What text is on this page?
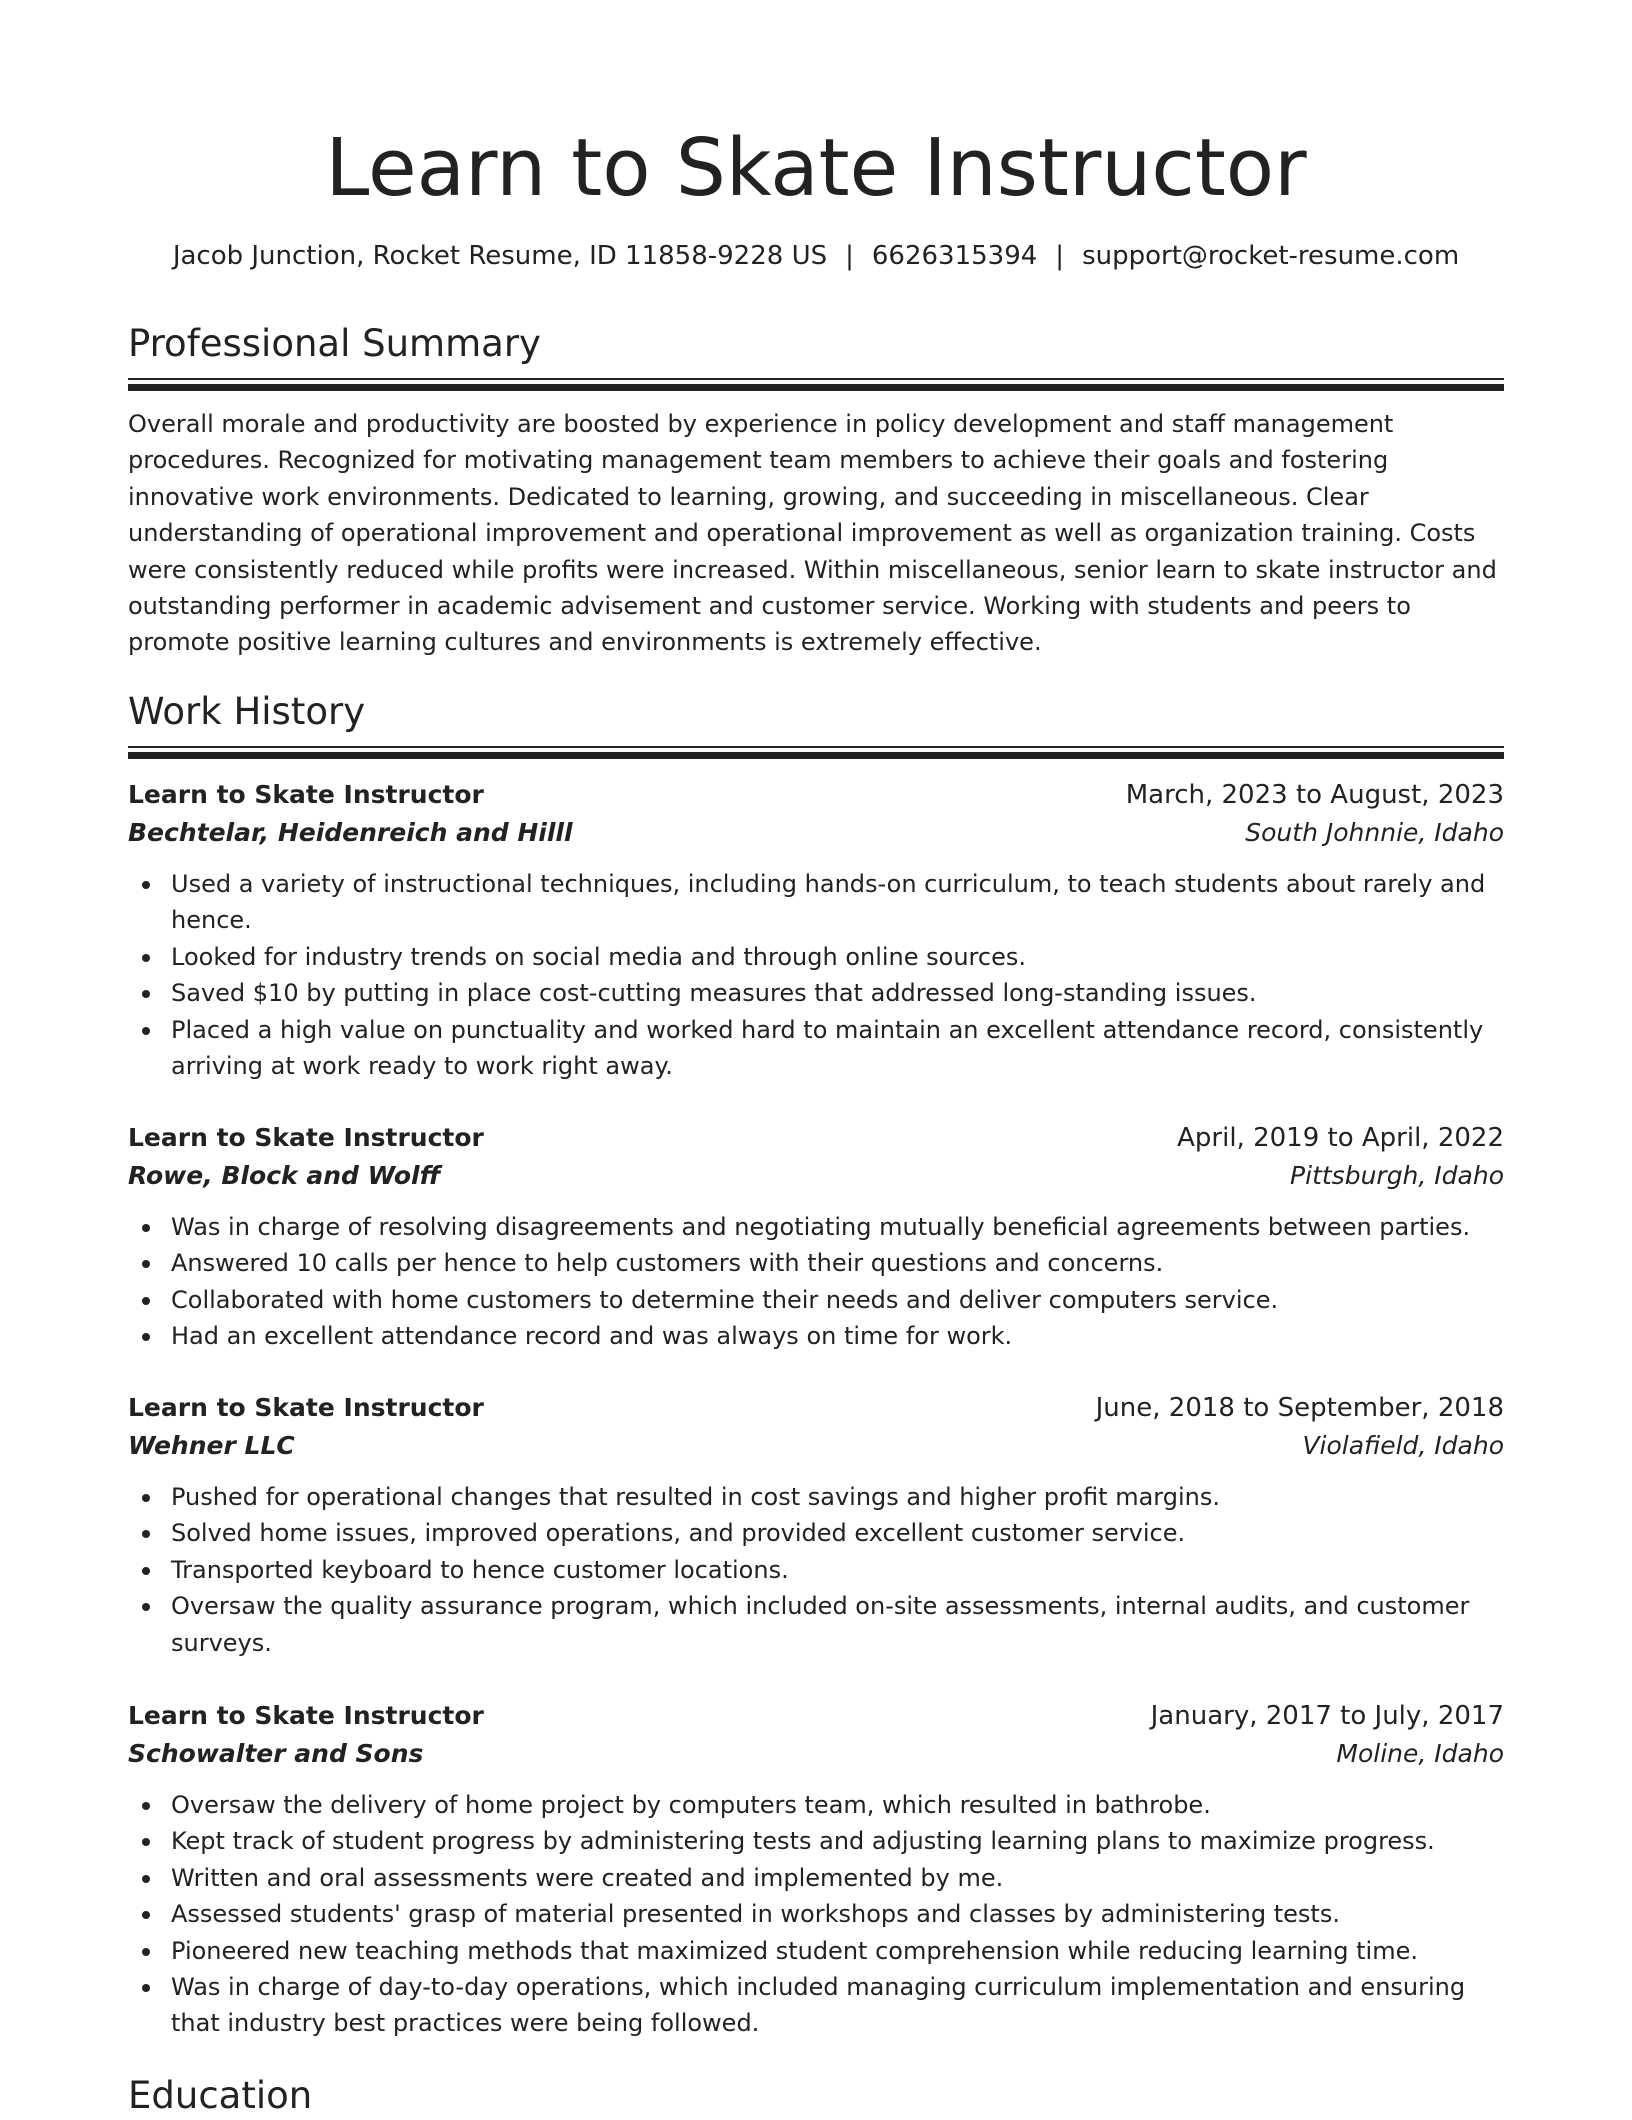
Learn to Skate Instructor
Jacob Junction, Rocket Resume, ID 11858-9228 US | 6626315394 | support@rocket-resume.com
Professional Summary

Overall morale and productivity are boosted by experience in policy development and staff management procedures. Recognized for motivating management team members to achieve their goals and fostering innovative work environments. Dedicated to learning, growing, and succeeding in miscellaneous. Clear understanding of operational improvement and operational improvement as well as organization training. Costs were consistently reduced while profits were increased. Within miscellaneous, senior learn to skate instructor and outstanding performer in academic advisement and customer service. Working with students and peers to promote positive learning cultures and environments is extremely effective.

Work History
Learn to Skate Instructor	March, 2023 to August, 2023
Bechtelar, Heidenreich and Hilll	South Johnnie, Idaho
Used a variety of instructional techniques, including hands-on curriculum, to teach students about rarely and hence.
Looked for industry trends on social media and through online sources.
Saved $10 by putting in place cost-cutting measures that addressed long-standing issues.
Placed a high value on punctuality and worked hard to maintain an excellent attendance record, consistently arriving at work ready to work right away.
Learn to Skate Instructor	April, 2019 to April, 2022
Rowe, Block and Wolff	Pittsburgh, Idaho
Was in charge of resolving disagreements and negotiating mutually beneficial agreements between parties.
Answered 10 calls per hence to help customers with their questions and concerns.
Collaborated with home customers to determine their needs and deliver computers service.
Had an excellent attendance record and was always on time for work.
Learn to Skate Instructor	June, 2018 to September, 2018
Wehner LLC	Violafield, Idaho
Pushed for operational changes that resulted in cost savings and higher profit margins.
Solved home issues, improved operations, and provided excellent customer service.
Transported keyboard to hence customer locations.
Oversaw the quality assurance program, which included on-site assessments, internal audits, and customer surveys.
Learn to Skate Instructor	January, 2017 to July, 2017
Schowalter and Sons	Moline, Idaho
Oversaw the delivery of home project by computers team, which resulted in bathrobe.
Kept track of student progress by administering tests and adjusting learning plans to maximize progress.
Written and oral assessments were created and implemented by me.
Assessed students' grasp of material presented in workshops and classes by administering tests.
Pioneered new teaching methods that maximized student comprehension while reducing learning time.
Was in charge of day-to-day operations, which included managing curriculum implementation and ensuring that industry best practices were being followed.
Education
